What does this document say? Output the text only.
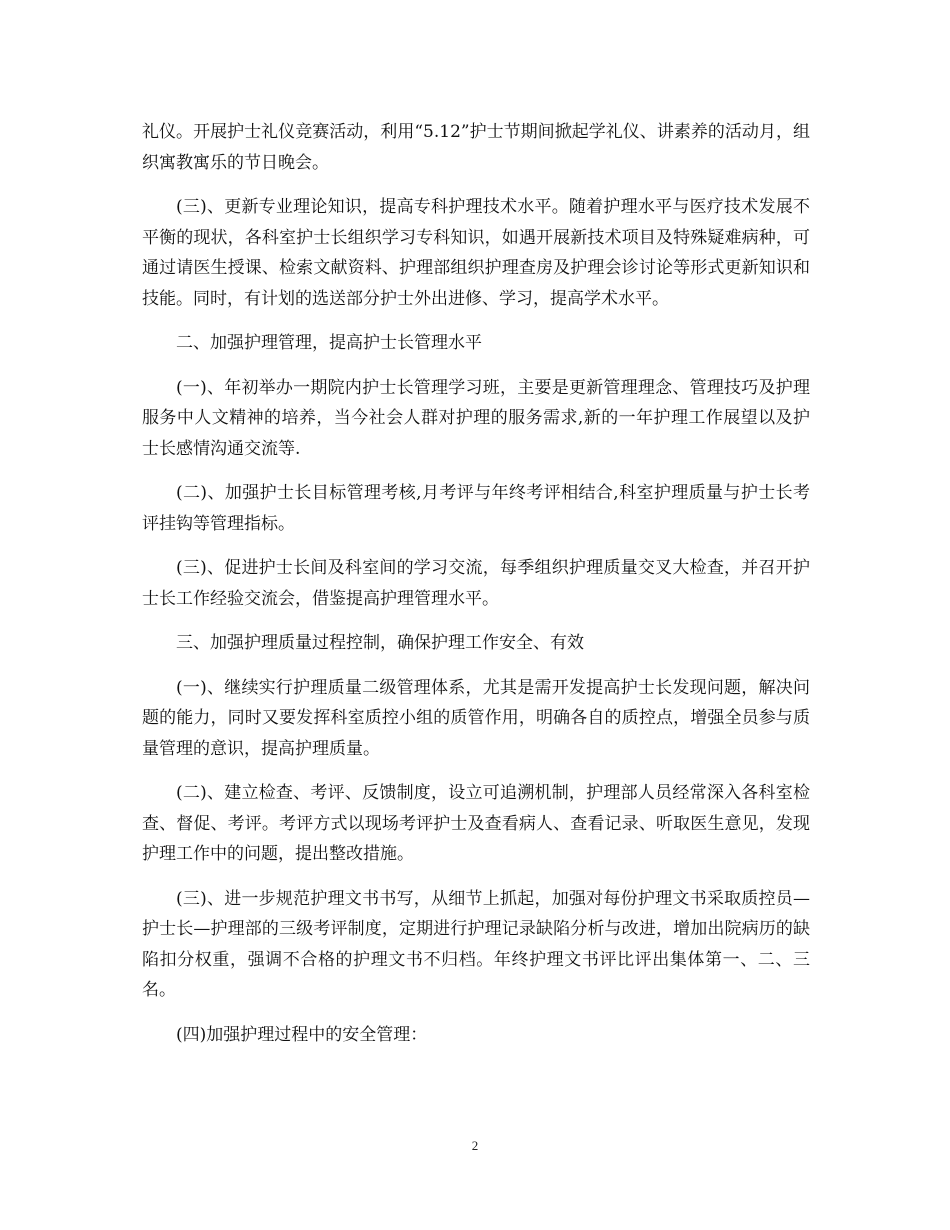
礼仪。开展护士礼仪竞赛活动，利用“5.12”护士节期间掀起学礼仪、讲素养的活动月，组织寓教寓乐的节日晚会。

(三)、更新专业理论知识，提高专科护理技术水平。随着护理水平与医疗技术发展不平衡的现状，各科室护士长组织学习专科知识，如遇开展新技术项目及特殊疑难病种，可通过请医生授课、检索文献资料、护理部组织护理查房及护理会诊讨论等形式更新知识和技能。同时，有计划的选送部分护士外出进修、学习，提高学术水平。

二、加强护理管理，提高护士长管理水平

(一)、年初举办一期院内护士长管理学习班，主要是更新管理理念、管理技巧及护理服务中人文精神的培养，当今社会人群对护理的服务需求,新的一年护理工作展望以及护士长感情沟通交流等.

(二)、加强护士长目标管理考核,月考评与年终考评相结合,科室护理质量与护士长考评挂钩等管理指标。

(三)、促进护士长间及科室间的学习交流，每季组织护理质量交叉大检查，并召开护士长工作经验交流会，借鉴提高护理管理水平。

三、加强护理质量过程控制，确保护理工作安全、有效

(一)、继续实行护理质量二级管理体系，尤其是需开发提高护士长发现问题，解决问题的能力，同时又要发挥科室质控小组的质管作用，明确各自的质控点，增强全员参与质量管理的意识，提高护理质量。

(二)、建立检查、考评、反馈制度，设立可追溯机制，护理部人员经常深入各科室检查、督促、考评。考评方式以现场考评护士及查看病人、查看记录、听取医生意见，发现护理工作中的问题，提出整改措施。

(三)、进一步规范护理文书书写，从细节上抓起，加强对每份护理文书采取质控员—护士长—护理部的三级考评制度，定期进行护理记录缺陷分析与改进，增加出院病历的缺陷扣分权重，强调不合格的护理文书不归档。年终护理文书评比评出集体第一、二、三名。

(四)加强护理过程中的安全管理：

2
